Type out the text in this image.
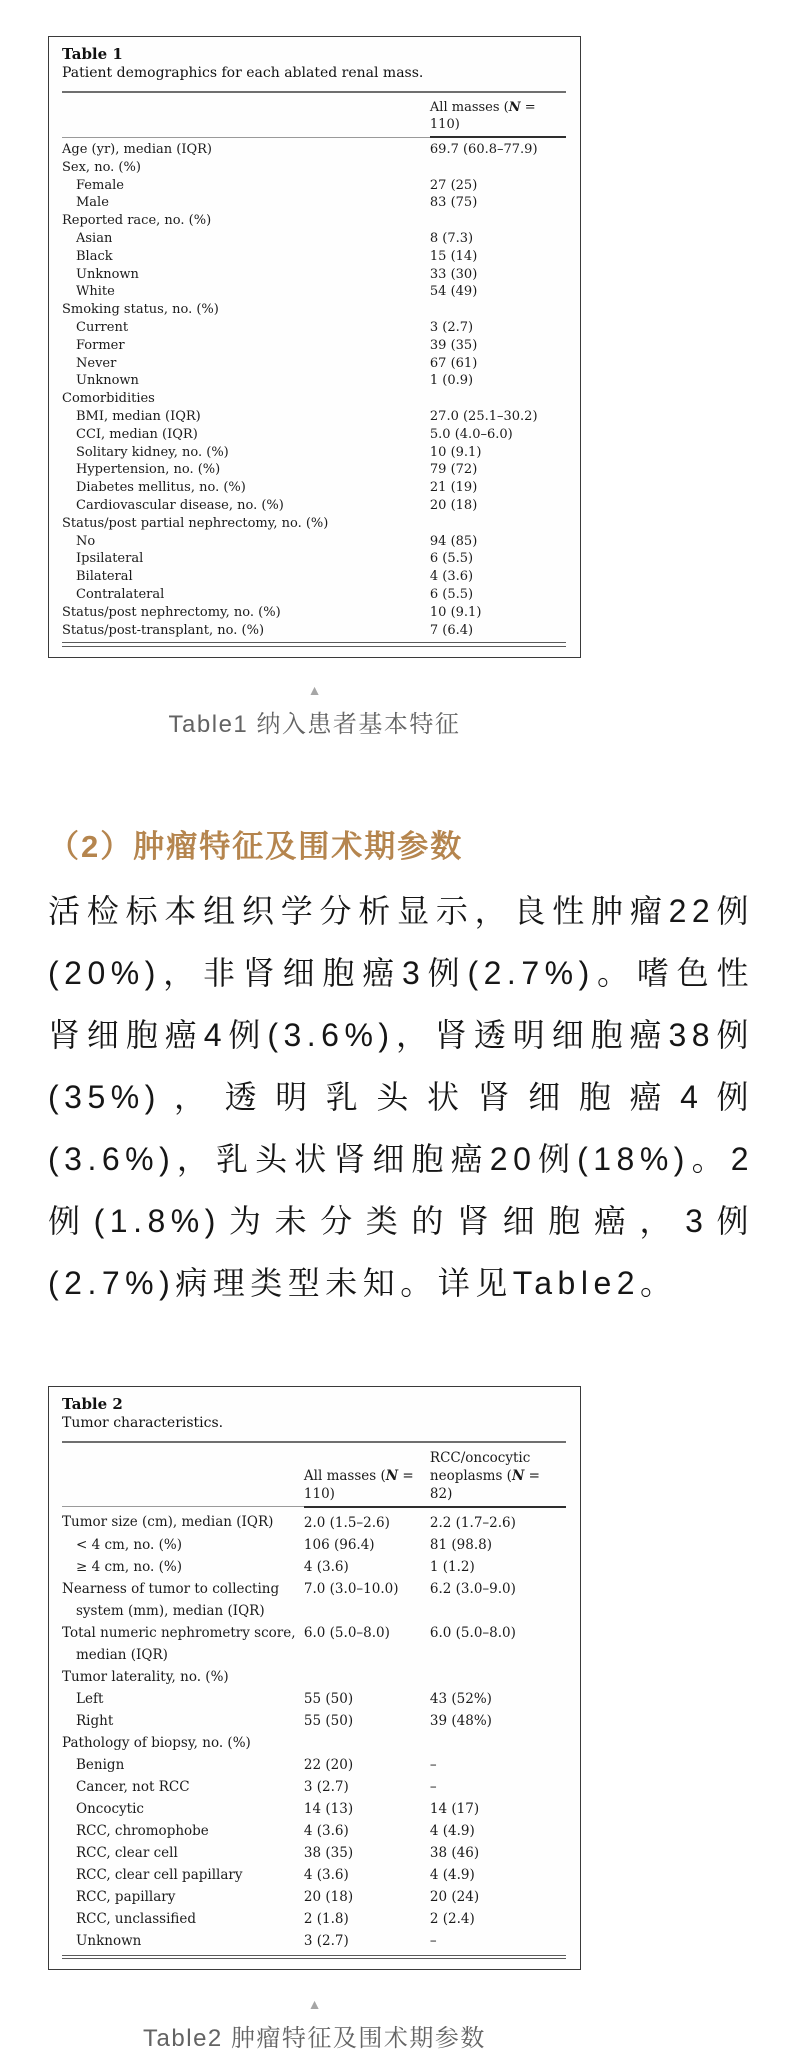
Table 1
Patient demographics for each ablated renal mass.
	All masses (N = 110)
Age (yr), median (IQR)	69.7 (60.8–77.9)
Sex, no. (%)	
Female	27 (25)
Male	83 (75)
Reported race, no. (%)	
Asian	8 (7.3)
Black	15 (14)
Unknown	33 (30)
White	54 (49)
Smoking status, no. (%)	
Current	3 (2.7)
Former	39 (35)
Never	67 (61)
Unknown	1 (0.9)
Comorbidities	
BMI, median (IQR)	27.0 (25.1–30.2)
CCI, median (IQR)	5.0 (4.0–6.0)
Solitary kidney, no. (%)	10 (9.1)
Hypertension, no. (%)	79 (72)
Diabetes mellitus, no. (%)	21 (19)
Cardiovascular disease, no. (%)	20 (18)
Status/post partial nephrectomy, no. (%)	
No	94 (85)
Ipsilateral	6 (5.5)
Bilateral	4 (3.6)
Contralateral	6 (5.5)
Status/post nephrectomy, no. (%)	10 (9.1)
Status/post-transplant, no. (%)	7 (6.4)
▲
Table1 纳入患者基本特征
（2）肿瘤特征及围术期参数
活检标本组织学分析显示，良性肿瘤22例(20%)，非肾细胞癌3例(2.7%)。嗜色性肾细胞癌4例(3.6%)，肾透明细胞癌38例(35%)，透明乳头状肾细胞癌4例(3.6%)，乳头状肾细胞癌20例(18%)。2例(1.8%)为未分类的肾细胞癌，3例(2.7%)病理类型未知。详见Table2。
Table 2
Tumor characteristics.
	All masses (N = 110)	RCC/oncocytic neoplasms (N = 82)
Tumor size (cm), median (IQR)	2.0 (1.5–2.6)	2.2 (1.7–2.6)
< 4 cm, no. (%)	106 (96.4)	81 (98.8)
≥ 4 cm, no. (%)	4 (3.6)	1 (1.2)
Nearness of tumor to collecting system (mm), median (IQR)	7.0 (3.0–10.0)	6.2 (3.0–9.0)
Total numeric nephrometry score, median (IQR)	6.0 (5.0–8.0)	6.0 (5.0–8.0)
Tumor laterality, no. (%)		
Left	55 (50)	43 (52%)
Right	55 (50)	39 (48%)
Pathology of biopsy, no. (%)		
Benign	22 (20)	–
Cancer, not RCC	3 (2.7)	–
Oncocytic	14 (13)	14 (17)
RCC, chromophobe	4 (3.6)	4 (4.9)
RCC, clear cell	38 (35)	38 (46)
RCC, clear cell papillary	4 (3.6)	4 (4.9)
RCC, papillary	20 (18)	20 (24)
RCC, unclassified	2 (1.8)	2 (2.4)
Unknown	3 (2.7)	–
▲
Table2 肿瘤特征及围术期参数
